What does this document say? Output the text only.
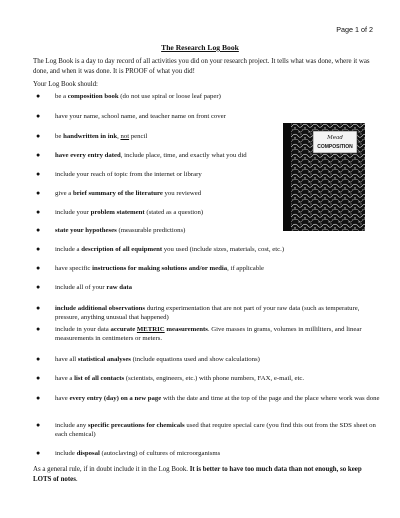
Page 1 of 2
The Research Log Book
The Log Book is a day to day record of all activities you did on your research project. It tells what was done, where it was done, and when it was done. It is PROOF of what you did!
Your Log Book should:
● be a composition book (do not use spiral or loose leaf paper)
● have your name, school name, and teacher name on front cover
● be handwritten in ink, not pencil
● have every entry dated, include place, time, and exactly what you did
● include your reach of topic from the internet or library
● give a brief summary of the literature you reviewed
● include your problem statement (stated as a question)
● state your hypotheses (measurable predictions)
● include a description of all equipment you used (include sizes, materials, cost, etc.)
● have specific instructions for making solutions and/or media, if applicable
● include all of your raw data
● include additional observations during experimentation that are not part of your raw data (such as temperature, pressure, anything unusual that happened)
● include in your data accurate METRIC measurements. Give masses in grams, volumes in milliliters, and linear measurements in centimeters or meters.
● have all statistical analyses (include equations used and show calculations)
● have a list of all contacts (scientists, engineers, etc.) with phone numbers, FAX, e-mail, etc.
● have every entry (day) on a new page with the date and time at the top of the page and the place where work was done
● include any specific precautions for chemicals used that require special care (you find this out from the SDS sheet on each chemical)
● include disposal (autoclaving) of cultures of microorganisms
Mead
COMPOSITION
As a general rule, if in doubt include it in the Log Book. It is better to have too much data than not enough, so keep LOTS of notes.
